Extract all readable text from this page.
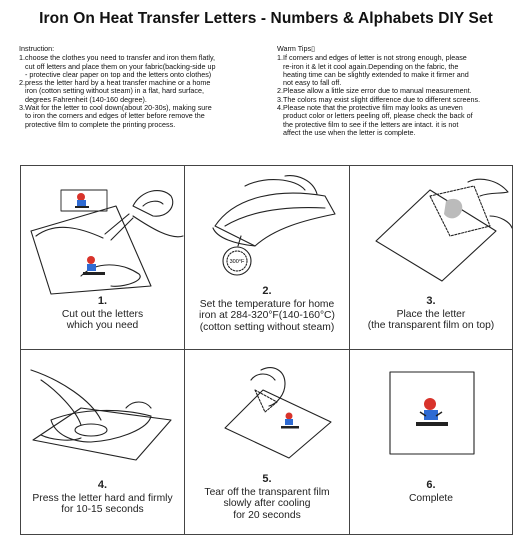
Iron On Heat Transfer Letters - Numbers & Alphabets DIY Set
Instruction:

1.choose the clothes you need to transfer and iron them flatly,

cut off letters and place them on your fabric(backing-side up

- protective clear paper on top and the letters onto clothes)

2.press the letter hard by a heat transfer machine or a home

iron (cotton setting without steam) in a flat, hard surface,

degrees Fahrenheit (140-160 degree).

3.Wait for the letter to cool down(about 20-30s), making sure

to iron the corners and edges of letter before remove the

protective film to complete the printing process.

Warm Tips▯

1.If corners and edges of letter is not strong enough, please

re-iron it & let it cool again.Depending on the fabric, the

heating time can be slightly extended to make it firmer and

not easy to fall off.

2.Please allow a little size error due to manual measurement.

3.The colors may exist slight difference due to different screens.

4.Please note that the protective film may looks as uneven

product color or letters peeling off, please check the back of

the protective film to see if the letters are intact. it is not

affect the use when the letter is complete.

1.
Cut out the letters
which you need
300°F
2.
Set the temperature for home
iron at 284-320°F(140-160°C)
(cotton setting without steam)
3.
Place the letter
(the transparent film on top)
4.
Press the letter hard and firmly
for 10-15 seconds
5.
Tear off the transparent film
slowly after cooling
for 20 seconds
6.
Complete
